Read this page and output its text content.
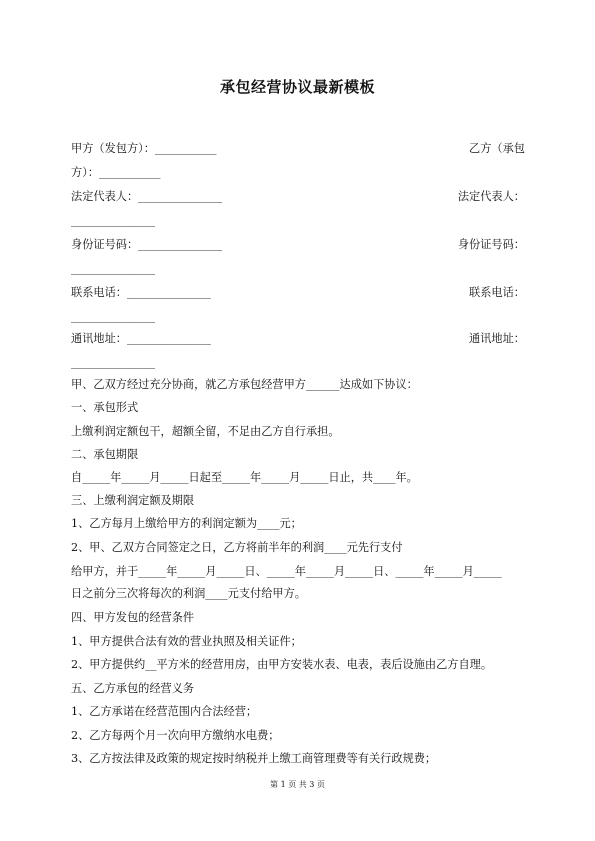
承包经营协议最新模板
甲方（发包方）：___________	乙方（承包
方）：___________
法定代表人：_______________	法定代表人：
_______________
身份证号码：_______________	身份证号码：
_______________
联系电话：_______________	联系电话：
_______________
通讯地址：_______________	通讯地址：
_______________
甲、乙双方经过充分协商，就乙方承包经营甲方______达成如下协议：
一、承包形式
上缴利润定额包干，超额全留，不足由乙方自行承担。
二、承包期限
自_____年_____月_____日起至_____年_____月_____日止，共____年。
三、上缴利润定额及期限
1、乙方每月上缴给甲方的利润定额为____元；
2、甲、乙双方合同签定之日，乙方将前半年的利润____元先行支付
给甲方，并于_____年_____月_____日、_____年_____月_____日、_____年_____月_____
日之前分三次将每次的利润____元支付给甲方。
四、甲方发包的经营条件
1、甲方提供合法有效的营业执照及相关证件；
2、甲方提供约__平方米的经营用房，由甲方安装水表、电表，表后设施由乙方自理。
五、乙方承包的经营义务
1、乙方承诺在经营范围内合法经营；
2、乙方每两个月一次向甲方缴纳水电费；
3、乙方按法律及政策的规定按时纳税并上缴工商管理费等有关行政规费；
第 1 页 共 3 页
